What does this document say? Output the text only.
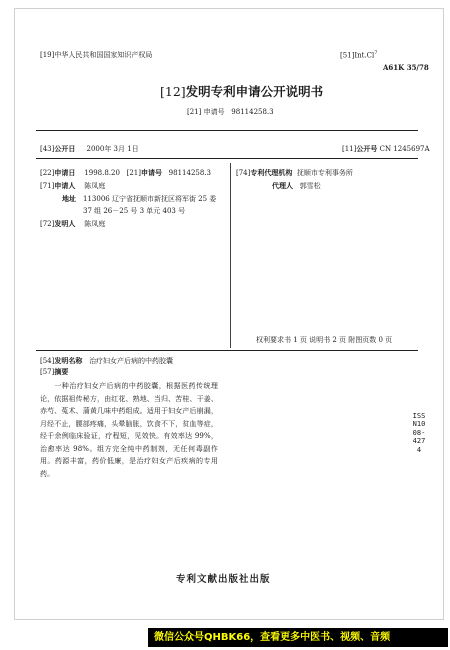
[19]中华人民共和国国家知识产权局	[51]Int.Cl$^7$
A61K 35/78
[12]发明专利申请公开说明书
[21] 申请号 98114258.3
[43]公开日 2000年 3月 1日	[11]公开号 CN 1245697A
[22]申请日 1998.8.20 [21]申请号 98114258.3
[71]申请人 陈凤庭
地址 113006 辽宁省抚顺市新抚区将军街 25 委
37 组 26－25 号 3 单元 403 号
[72]发明人 陈凤庭
[74]专利代理机构 抚顺市专利事务所
代理人 郭雪松
权利要求书 1 页 说明书 2 页 附图页数 0 页
[54]发明名称 治疗妇女产后病的中药胶囊
[57]摘要
一种治疗妇女产后病的中药胶囊，根据医药传统理论，依据祖传秘方，由红花、熟地、当归、苦桂、干姜、赤芍、菟术、蒲黄几味中药组成。适用于妇女产后崩漏，月经不止，腰部疼痛，头晕脑胀，饮食不下，贫血等症，经千余例临床验证，疗程短，见效快。有效率达 99%，治愈率达 98%。组方完全纯中药制剂，无任何毒副作用。药源丰富，药价低廉，是治疗妇女产后疾病的专用药。
ISSN1008-4274
专利文献出版社出版
微信公众号QHBK66，查看更多中医书、视频、音频
